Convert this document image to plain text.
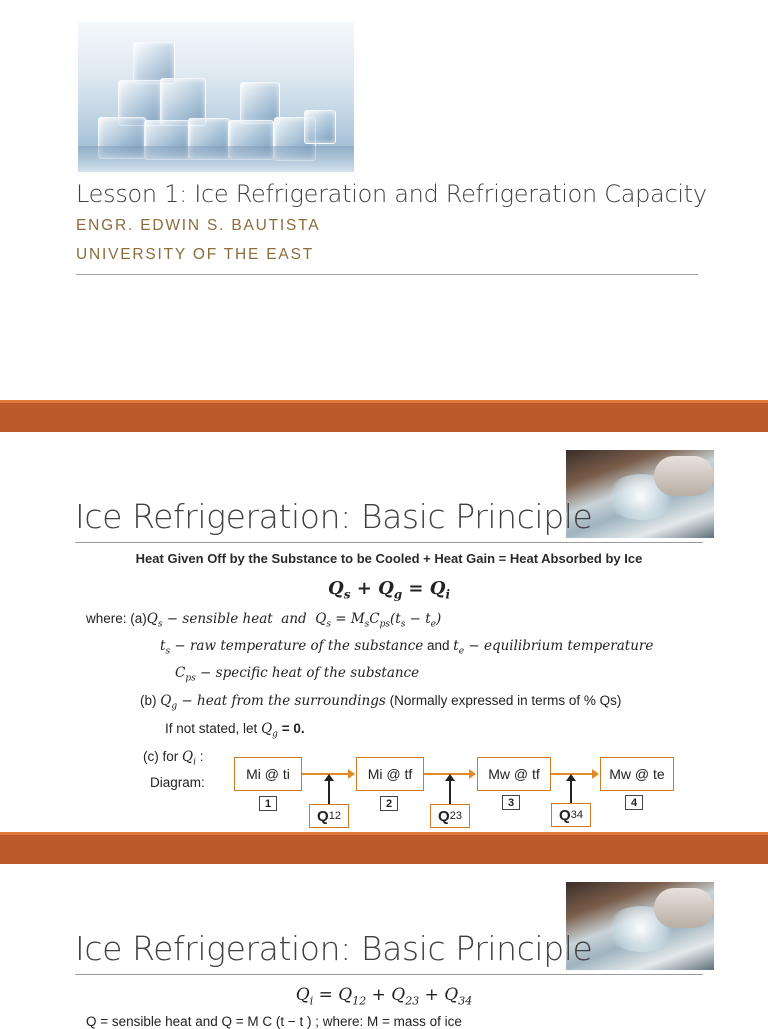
Lesson 1: Ice Refrigeration and Refrigeration Capacity
ENGR. EDWIN S. BAUTISTA
UNIVERSITY OF THE EAST
Ice Refrigeration: Basic Principle
Heat Given Off by the Substance to be Cooled + Heat Gain = Heat Absorbed by Ice
$Q_s + Q_g = Q_i$
where: $(a)Q_s$ − sensible heat and  $Q_s = M_sC_{ps}(t_s - t_e)$
$t_s$ − raw temperature of the substance and $t_e$ − equilibrium temperature
$C_{ps}$ − specific heat of the substance
(b) $Q_g$ − heat from the surroundings (Normally expressed in terms of % Qs)
If not stated, let $Q_g = 0$.
(c) for $Q_i$ :
Diagram:
Mi @ ti	Mi @ tf	Mw @ tf	Mw @ te
1	2	3	4
Q 12	Q 23	Q 34
Ice Refrigeration: Basic Principle
$Q_i = Q_{12} + Q_{23} + Q_{34}$
Q = sensible heat and Q = M C (t − t ) ; where: M = mass of ice
